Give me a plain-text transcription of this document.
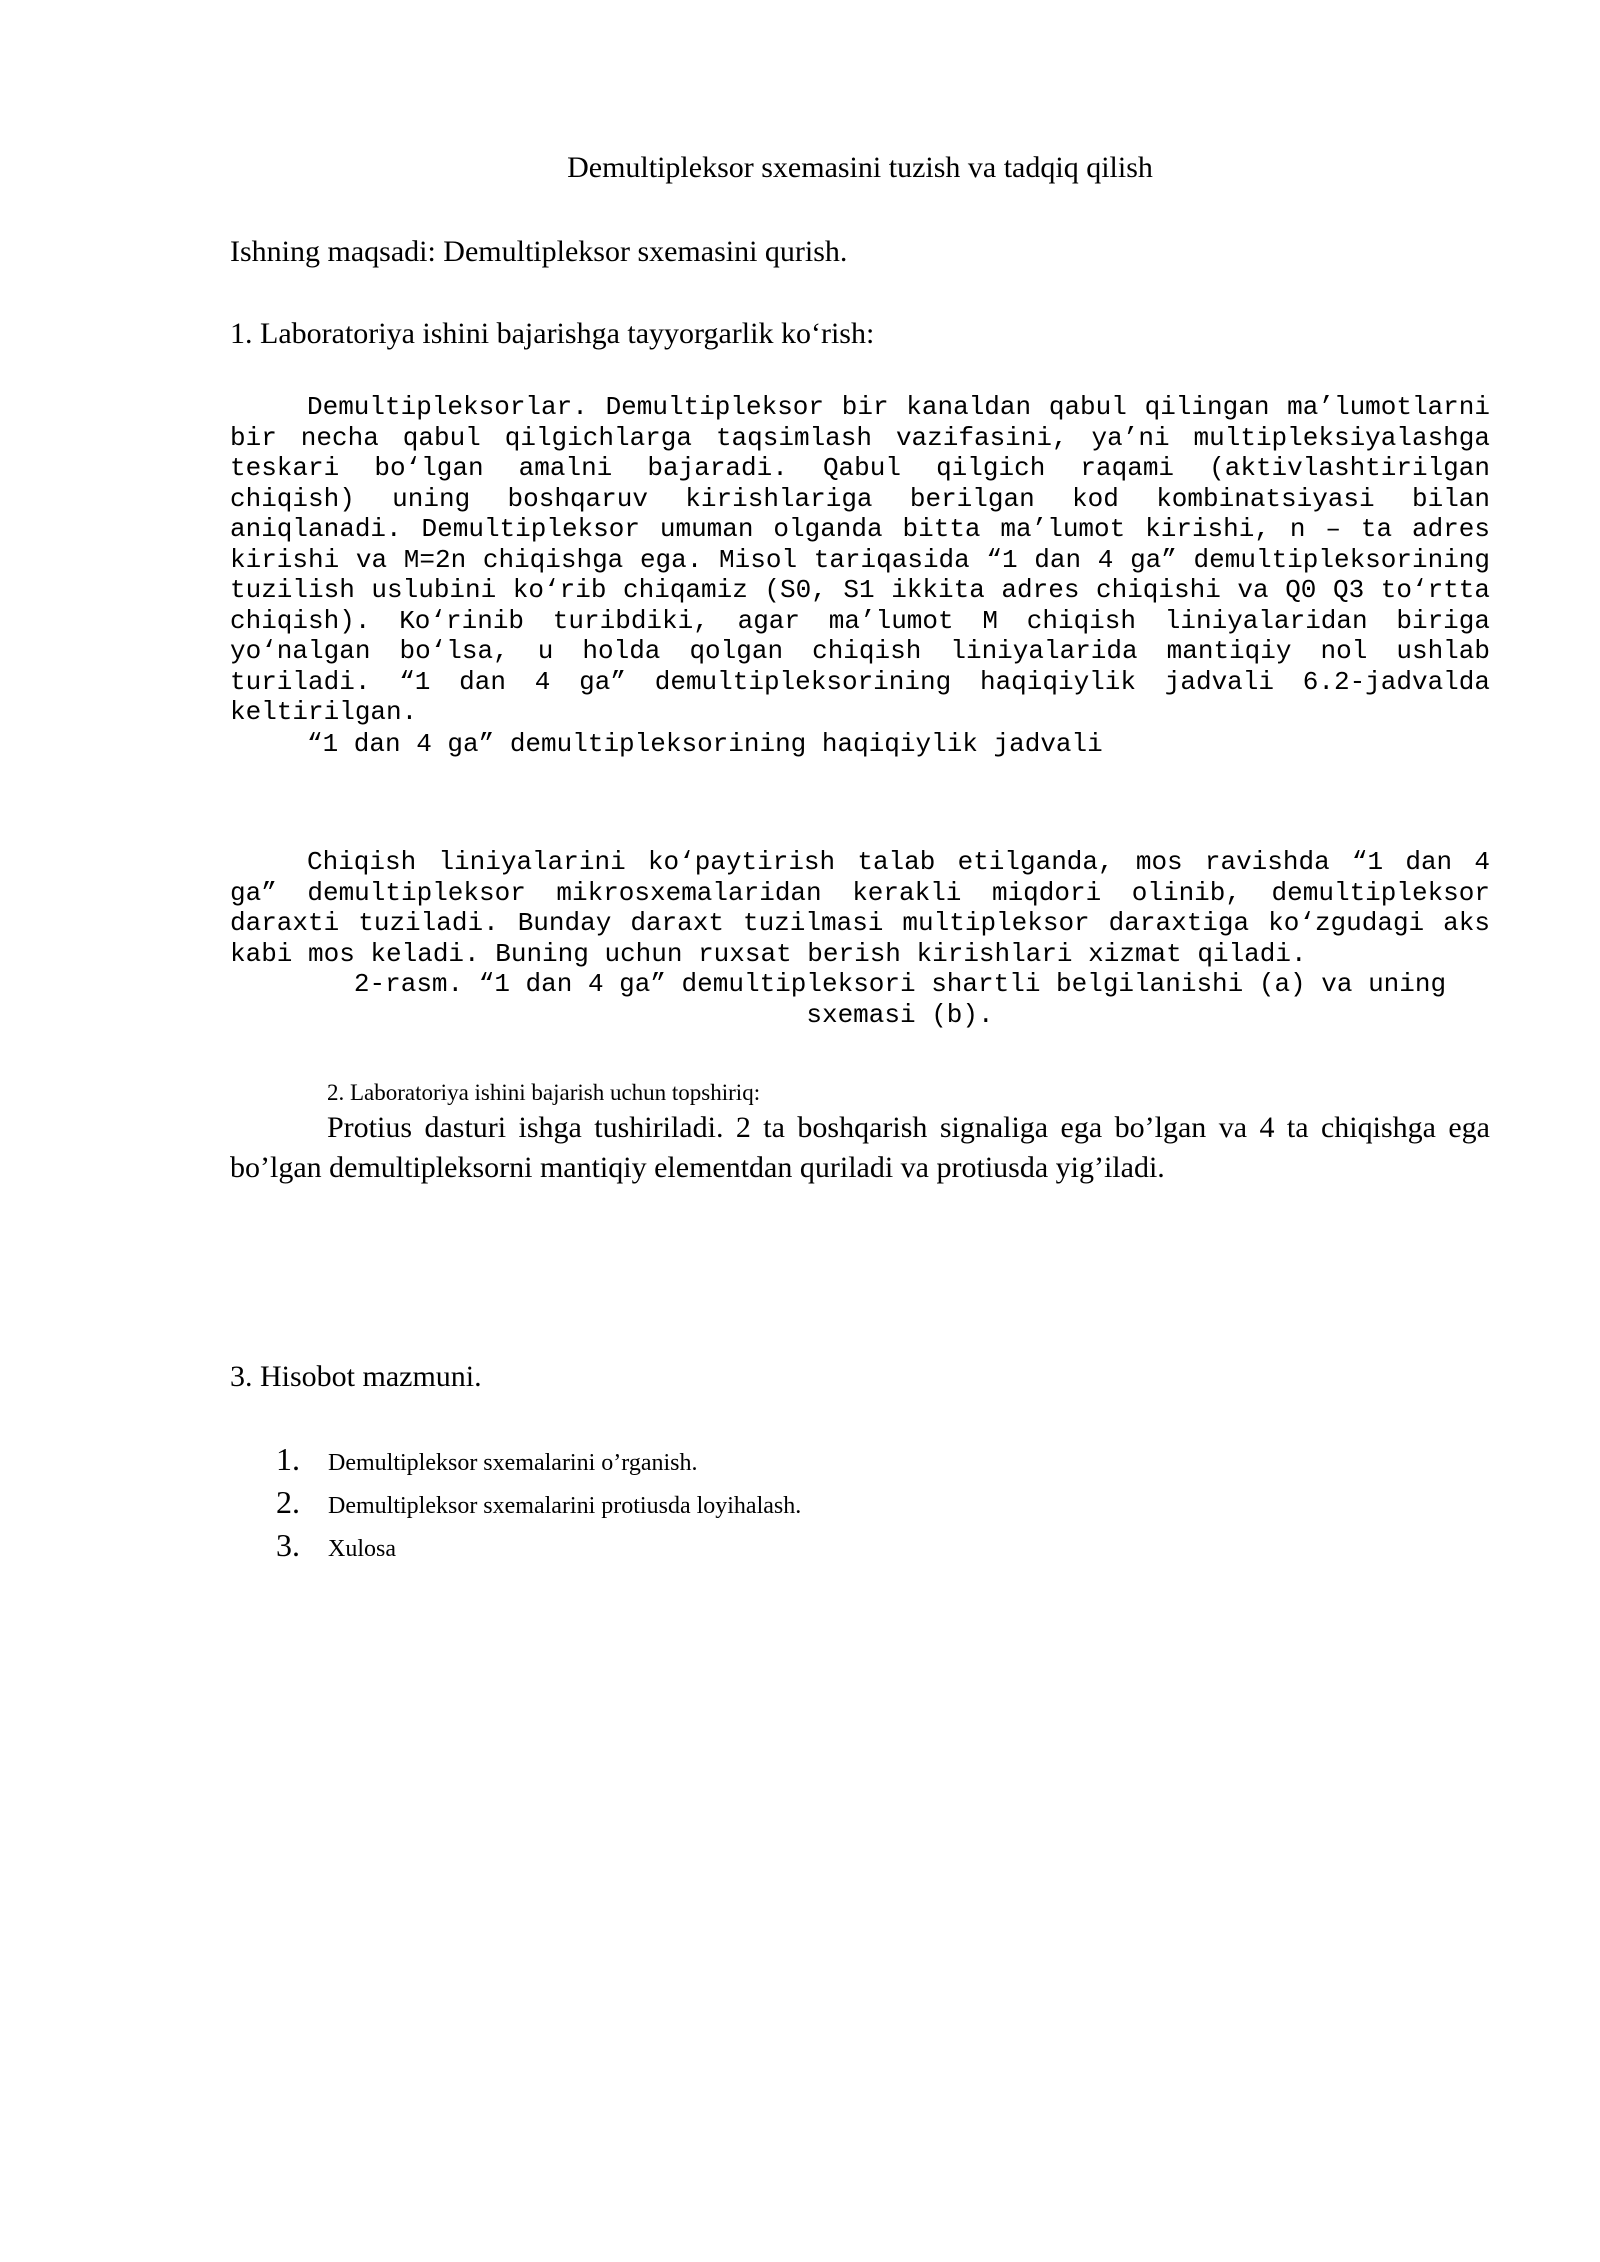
Demultipleksor sxemasini tuzish va tadqiq qilish
Ishning maqsadi: Demultipleksor sxemasini qurish.
1. Laboratoriya ishini bajarishga tayyorgarlik ko‘rish:
Demultipleksorlar. Demultipleksor bir kanaldan qabul qilingan ma’lumotlarni bir necha qabul qilgichlarga taqsimlash vazifasini, ya’ni multipleksiyalashga teskari bo‘lgan amalni bajaradi. Qabul qilgich raqami (aktivlashtirilgan chiqish) uning boshqaruv kirishlariga berilgan kod kombinatsiyasi bilan aniqlanadi. Demultipleksor umuman olganda bitta ma’lumot kirishi, n – ta adres kirishi va M=2n chiqishga ega. Misol tariqasida “1 dan 4 ga” demultipleksorining tuzilish uslubini ko‘rib chiqamiz (S0, S1 ikkita adres chiqishi va Q0 Q3 to‘rtta chiqish). Ko‘rinib turibdiki, agar ma’lumot M chiqish liniyalaridan biriga yo‘nalgan bo‘lsa, u holda qolgan chiqish liniyalarida mantiqiy nol ushlab turiladi. “1 dan 4 ga” demultipleksorining haqiqiylik jadvali 6.2-jadvalda keltirilgan.
“1 dan 4 ga” demultipleksorining haqiqiylik jadvali
Chiqish liniyalarini ko‘paytirish talab etilganda, mos ravishda “1 dan 4 ga” demultipleksor mikrosxemalaridan kerakli miqdori olinib, demultipleksor daraxti tuziladi. Bunday daraxt tuzilmasi multipleksor daraxtiga ko‘zgudagi aks kabi mos keladi. Buning uchun ruxsat berish kirishlari xizmat qiladi.
2-rasm. “1 dan 4 ga” demultipleksori shartli belgilanishi (a) va uning sxemasi (b).
2. Laboratoriya ishini bajarish uchun topshiriq:
Protius dasturi ishga tushiriladi. 2 ta boshqarish signaliga ega bo’lgan va 4 ta chiqishga ega bo’lgan demultipleksorni mantiqiy elementdan quriladi va protiusda yig’iladi.
3. Hisobot mazmuni.
1.	Demultipleksor sxemalarini o’rganish.
2.	Demultipleksor sxemalarini protiusda loyihalash.
3.	Xulosa
